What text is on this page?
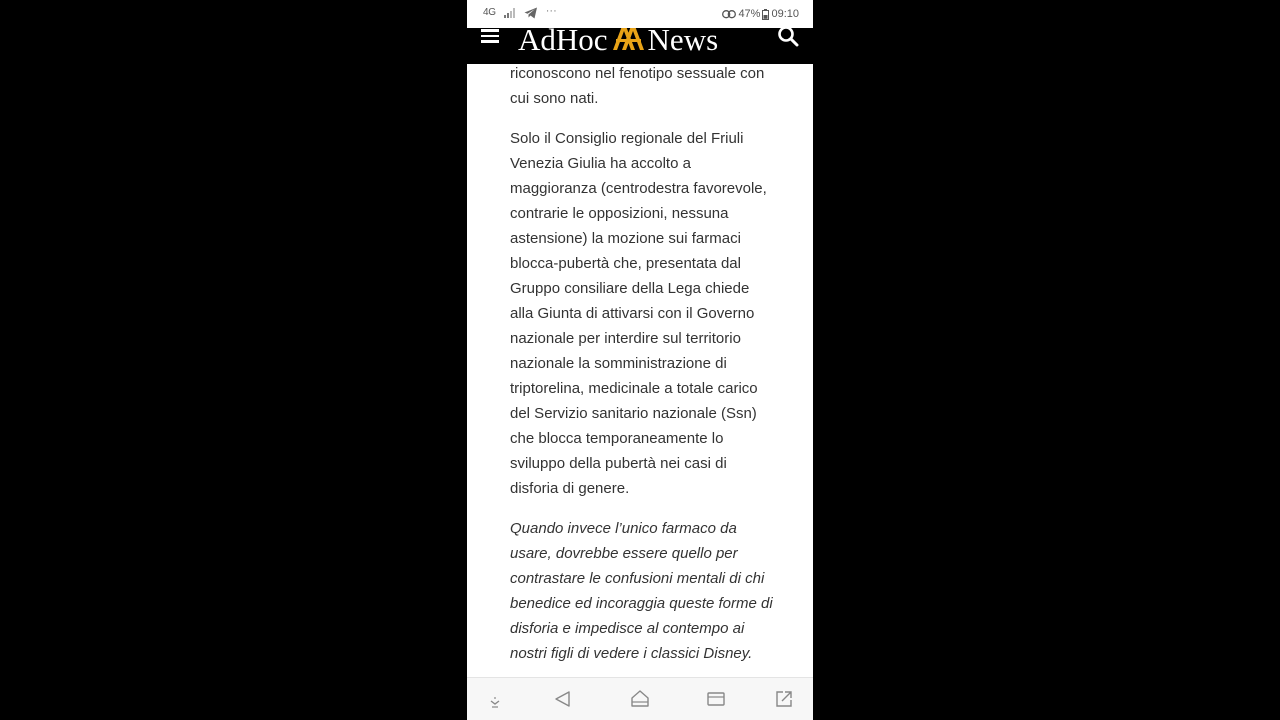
4G	···	47% 09:10
AdHoc News

riconoscono nel fenotipo sessuale con cui sono nati.

Solo il Consiglio regionale del Friuli Venezia Giulia ha accolto a maggioranza (centrodestra favorevole, contrarie le opposizioni, nessuna astensione) la mozione sui farmaci blocca-pubertà che, presentata dal Gruppo consiliare della Lega chiede alla Giunta di attivarsi con il Governo nazionale per interdire sul territorio nazionale la somministrazione di triptorelina, medicinale a totale carico del Servizio sanitario nazionale (Ssn) che blocca temporaneamente lo sviluppo della pubertà nei casi di disforia di genere.

Quando invece l’unico farmaco da usare, dovrebbe essere quello per contrastare le confusioni mentali di chi benedice ed incoraggia queste forme di disforia e impedisce al contempo ai nostri figli di vedere i classici Disney.
